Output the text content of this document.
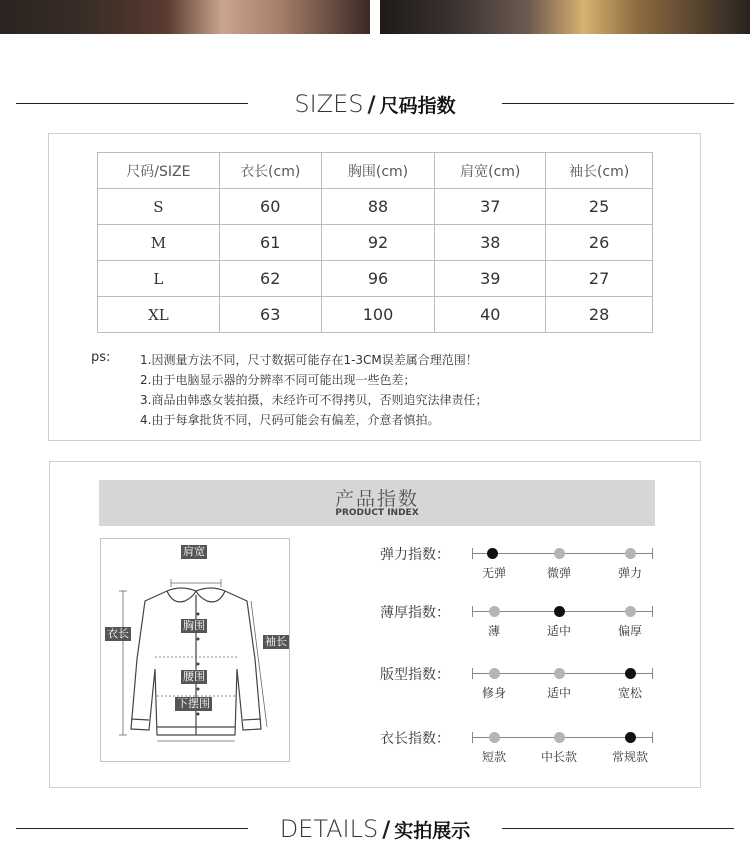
SIZES / 尺码指数
尺码/SIZE	衣长(cm)	胸围(cm)	肩宽(cm)	袖长(cm)
S	60	88	37	25
M	61	92	38	26
L	62	96	39	27
XL	63	100	40	28
ps: 1.因测量方法不同，尺寸数据可能存在1-3CM误差属合理范围！
2.由于电脑显示器的分辨率不同可能出现一些色差；
3.商品由韩惑女装拍摄，未经许可不得拷贝，否则追究法律责任；
4.由于每拿批货不同，尺码可能会有偏差，介意者慎拍。
产品指数
PRODUCT INDEX
肩宽
胸围
衣长
袖长
腰围
下摆围
弹力指数：
无弹	微弹	弹力
薄厚指数：
薄	适中	偏厚
版型指数：
修身	适中	宽松
衣长指数：
短款	中长款	常规款
DETAILS / 实拍展示
